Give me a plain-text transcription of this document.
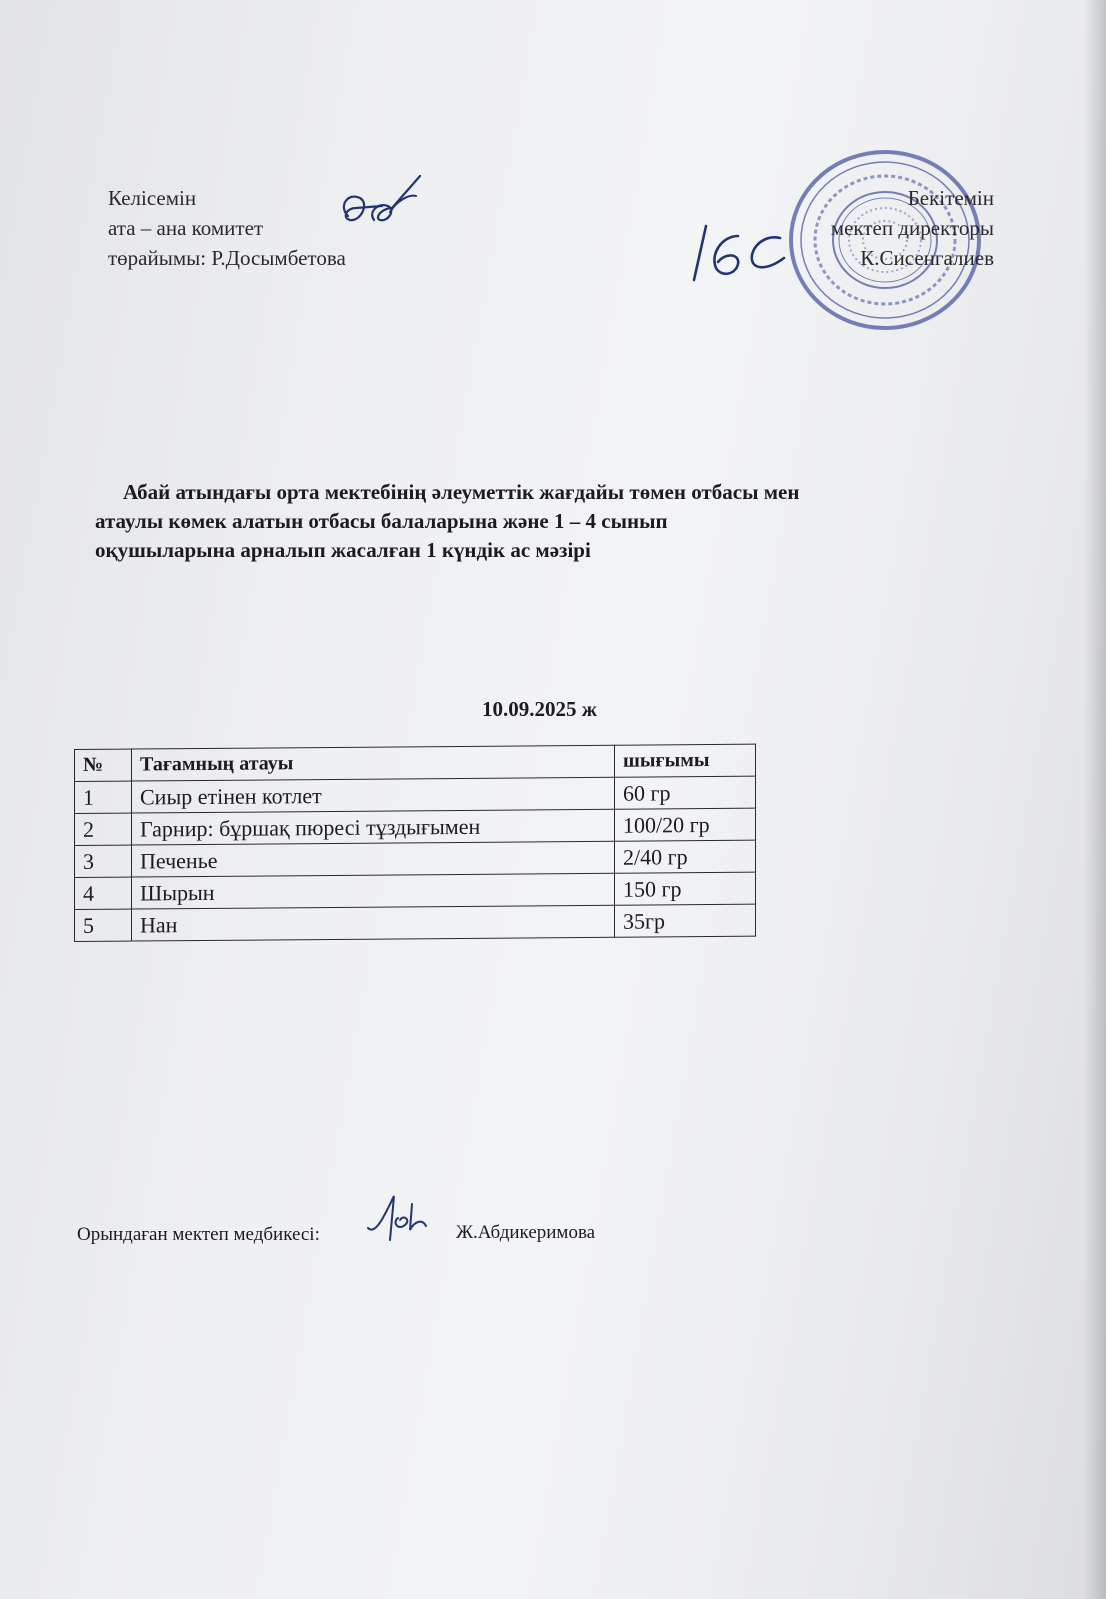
Келісемін
ата – ана комитет
төрайымы: Р.Досымбетова
Бекітемін
мектеп директоры
К.Сисенгалиев
Абай атындағы орта мектебінің әлеуметтік жағдайы төмен отбасы мен
атаулы көмек алатын отбасы балаларына және 1 – 4 сынып
оқушыларына арналып жасалған 1 күндік ас мәзірі
10.09.2025 ж
№	Тағамның атауы	шығымы
1	Сиыр етінен котлет	60 гр
2	Гарнир: бұршақ пюресі тұздығымен	100/20 гр
3	Печенье	2/40 гр
4	Шырын	150 гр
5	Нан	35гр
Орындаған мектеп медбикесі:	Ж.Абдикеримова
